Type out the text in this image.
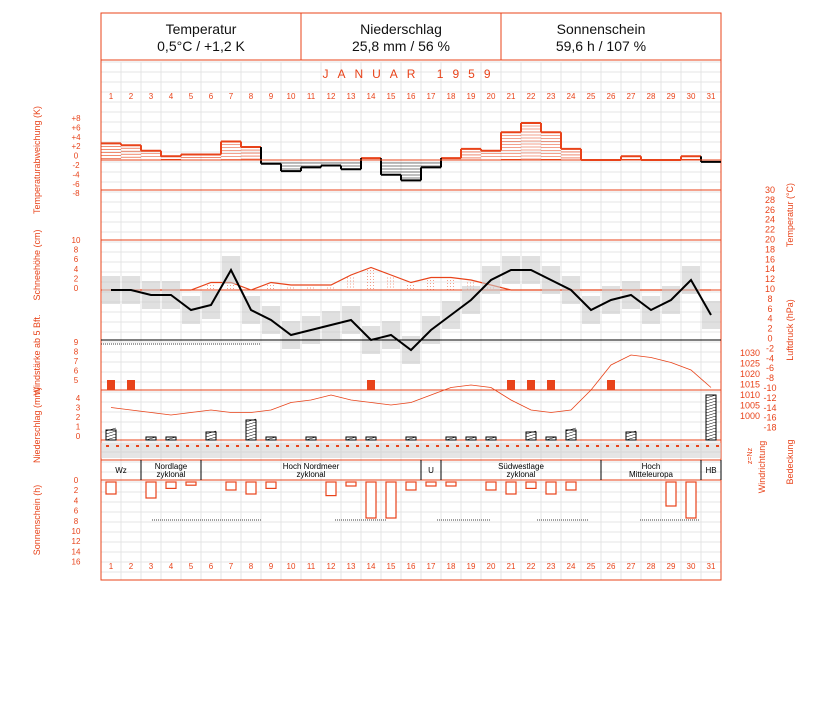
Temperatur
0,5°C / +1,2 K
Niederschlag
25,8 mm / 56 %
Sonnenschein
59,6 h / 107 %
JANUAR 1959
1
1
2
2
3
3
4
4
5
5
6
6
7
7
8
8
9
9
10
10
11
11
12
12
13
13
14
14
15
15
16
16
17
17
18
18
19
19
20
20
21
21
22
22
23
23
24
24
25
25
26
26
27
27
28
28
29
29
30
30
31
31
+8
+6
+4
+2
0
-2
-4
-6
-8
Temperaturabweichung (K)
10
8
6
4
2
0
Schneehöhe (cm)
30
28
26
24
22
20
18
16
14
12
10
8
6
4
2
0
-2
-4
-6
-8
-10
-12
-14
-16
-18
Temperatur (°C)
9
8
7
6
5
Windstärke ab 5 Bft.	1030
1025
1020
1015
1010
1005
1000
Luftdruck (hPa)
4
3
2
1
0
Niederschlag (mm)	z=Nz Windrichtung Bedeckung
Wz	Nordlage
zyklonal
Hoch Nordmeer
zyklonal	U	Südwestlage
zyklonal
Hoch
Mitteleuropa	HB
0
2
4
6
8
10
12
14
16
Sonnenschein (h)
